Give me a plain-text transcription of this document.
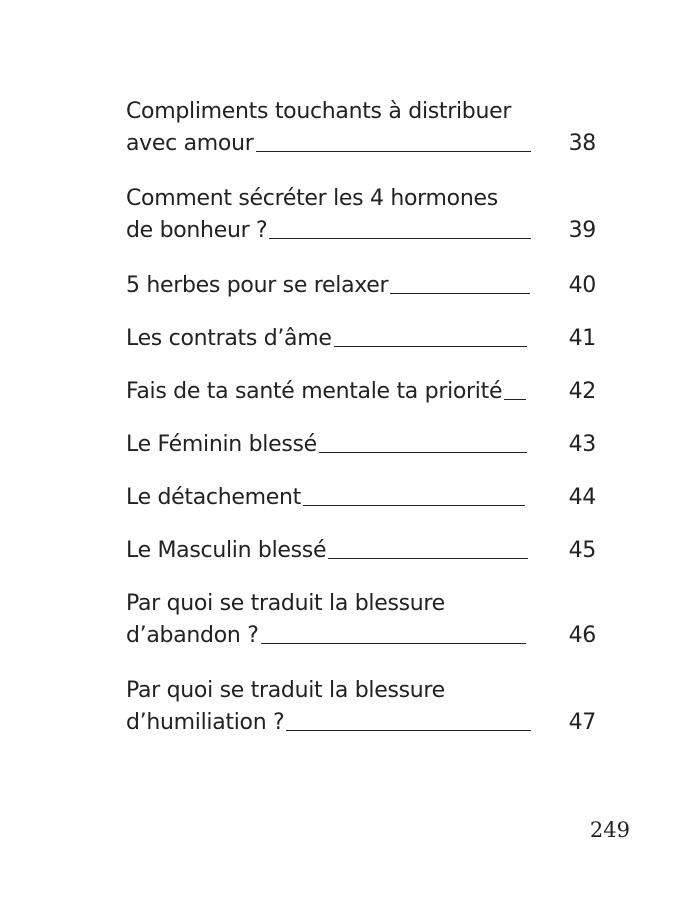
Compliments touchants à distribuer
avec amour	38
Comment sécréter les 4 hormones
de bonheur ?	39
5 herbes pour se relaxer	40
Les contrats d’âme	41
Fais de ta santé mentale ta priorité	42
Le Féminin blessé	43
Le détachement	44
Le Masculin blessé	45
Par quoi se traduit la blessure
d’abandon ?	46
Par quoi se traduit la blessure
d’humiliation ?	47
249
